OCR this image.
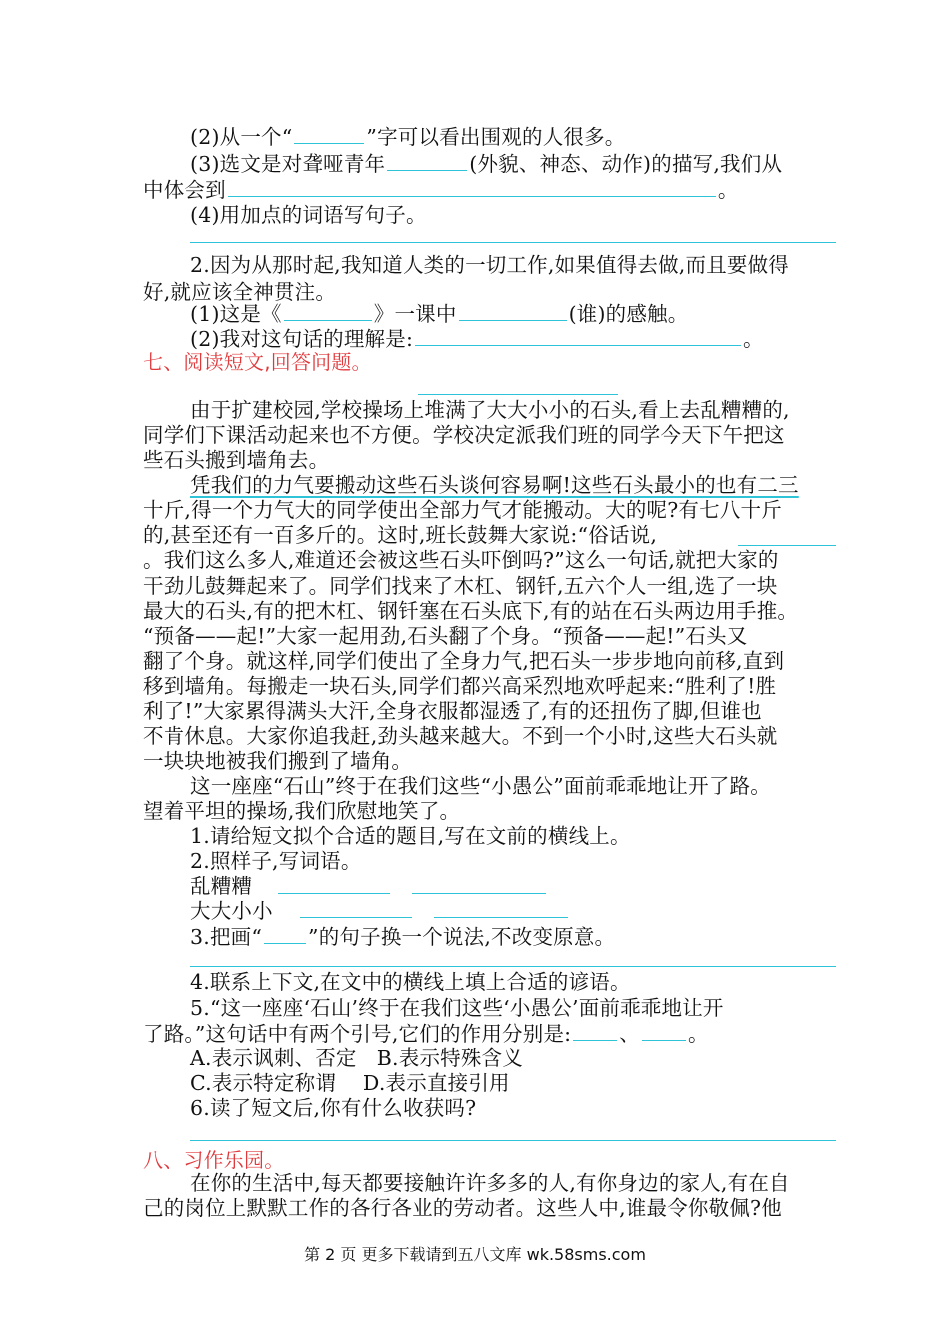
(2)从一个“	”字可以看出围观的人很多。
(3)选文是对聋哑青年	(外貌、神态、动作)的描写,我们从
中体会到	。
(4)用加点的词语写句子。
2.因为从那时起,我知道人类的一切工作,如果值得去做,而且要做得
好,就应该全神贯注。
(1)这是《	》一课中	(谁)的感触。
(2)我对这句话的理解是:	。
七、阅读短文,回答问题。
由于扩建校园,学校操场上堆满了大大小小的石头,看上去乱糟糟的,
同学们下课活动起来也不方便。学校决定派我们班的同学今天下午把这
些石头搬到墙角去。
凭我们的力气要搬动这些石头谈何容易啊!这些石头最小的也有二三
十斤,得一个力气大的同学使出全部力气才能搬动。大的呢?有七八十斤
的,甚至还有一百多斤的。这时,班长鼓舞大家说:“俗话说,
。我们这么多人,难道还会被这些石头吓倒吗?”这么一句话,就把大家的
干劲儿鼓舞起来了。同学们找来了木杠、钢钎,五六个人一组,选了一块
最大的石头,有的把木杠、钢钎塞在石头底下,有的站在石头两边用手推。
“预备——起!”大家一起用劲,石头翻了个身。“预备——起!”石头又
翻了个身。就这样,同学们使出了全身力气,把石头一步步地向前移,直到
移到墙角。每搬走一块石头,同学们都兴高采烈地欢呼起来:“胜利了!胜
利了!”大家累得满头大汗,全身衣服都湿透了,有的还扭伤了脚,但谁也
不肯休息。大家你追我赶,劲头越来越大。不到一个小时,这些大石头就
一块块地被我们搬到了墙角。
这一座座“石山”终于在我们这些“小愚公”面前乖乖地让开了路。
望着平坦的操场,我们欣慰地笑了。
1.请给短文拟个合适的题目,写在文前的横线上。
2.照样子,写词语。
乱糟糟
大大小小
3.把画“ ”的句子换一个说法,不改变原意。
4.联系上下文,在文中的横线上填上合适的谚语。
5.“这一座座‘石山’终于在我们这些‘小愚公’面前乖乖地让开
了路。”这句话中有两个引号,它们的作用分别是: 、 。
A.表示讽刺、否定   B.表示特殊含义
C.表示特定称谓    D.表示直接引用
6.读了短文后,你有什么收获吗?
八、习作乐园。
在你的生活中,每天都要接触许许多多的人,有你身边的家人,有在自
己的岗位上默默工作的各行各业的劳动者。这些人中,谁最令你敬佩?他
第 2 页 更多下载请到五八文库 wk.58sms.com
